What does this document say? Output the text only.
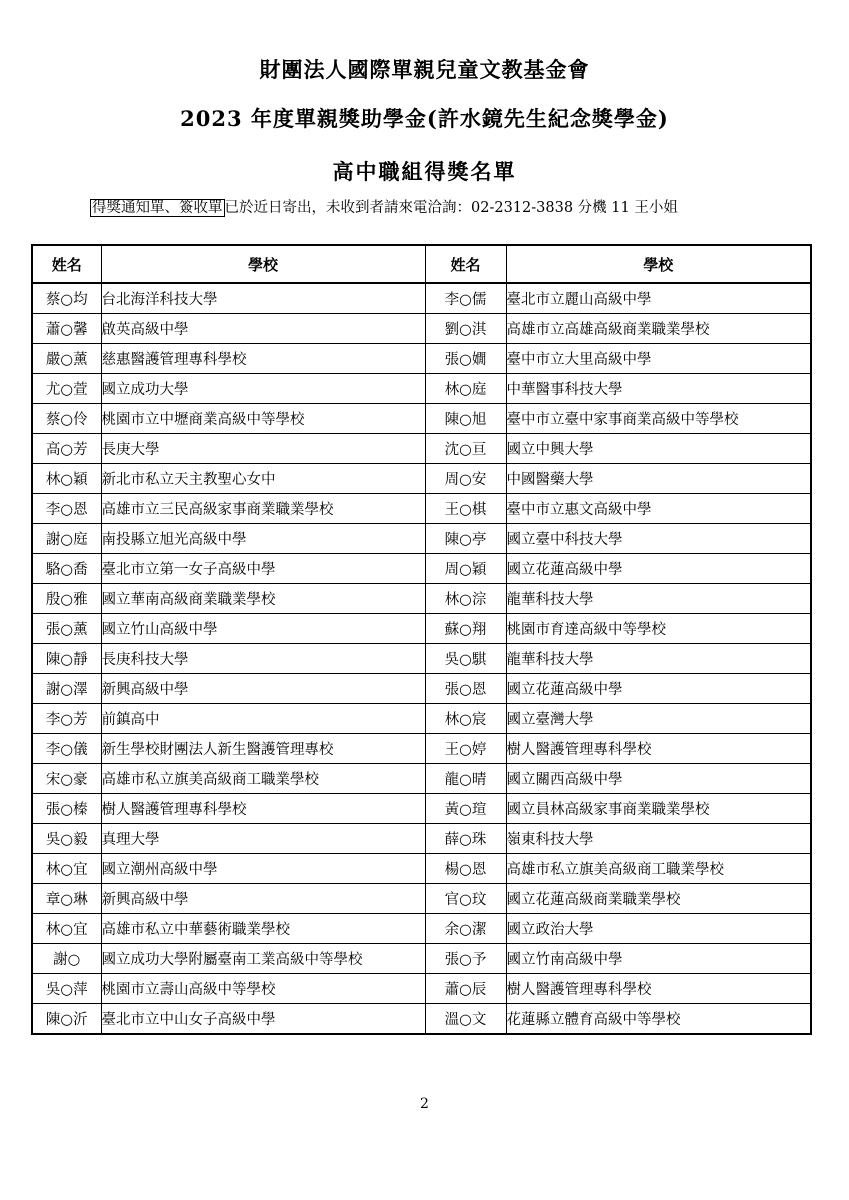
財團法人國際單親兒童文教基金會
2023 年度單親獎助學金(許水鏡先生紀念獎學金)
高中職組得獎名單
得獎通知單、簽收單 已於近日寄出，未收到者請來電洽詢：02-2312-3838 分機 11 王小姐
姓名	學校	姓名	學校
蔡○均	台北海洋科技大學	李○儒	臺北市立麗山高級中學
蕭○馨	啟英高級中學	劉○淇	高雄市立高雄高級商業職業學校
嚴○薰	慈惠醫護管理專科學校	張○嫺	臺中市立大里高級中學
尤○萱	國立成功大學	林○庭	中華醫事科技大學
蔡○伶	桃園市立中壢商業高級中等學校	陳○旭	臺中市立臺中家事商業高級中等學校
高○芳	長庚大學	沈○亘	國立中興大學
林○穎	新北市私立天主教聖心女中	周○安	中國醫藥大學
李○恩	高雄市立三民高級家事商業職業學校	王○棋	臺中市立惠文高級中學
謝○庭	南投縣立旭光高級中學	陳○亭	國立臺中科技大學
駱○喬	臺北市立第一女子高級中學	周○穎	國立花蓮高級中學
殷○雅	國立華南高級商業職業學校	林○淙	龍華科技大學
張○薰	國立竹山高級中學	蘇○翔	桃園市育達高級中等學校
陳○靜	長庚科技大學	吳○騏	龍華科技大學
謝○澤	新興高級中學	張○恩	國立花蓮高級中學
李○芳	前鎮高中	林○宸	國立臺灣大學
李○儀	新生學校財團法人新生醫護管理專校	王○婷	樹人醫護管理專科學校
宋○豪	高雄市私立旗美高級商工職業學校	龍○晴	國立關西高級中學
張○榛	樹人醫護管理專科學校	黃○瑄	國立員林高級家事商業職業學校
吳○毅	真理大學	薛○珠	嶺東科技大學
林○宜	國立潮州高級中學	楊○恩	高雄市私立旗美高級商工職業學校
章○琳	新興高級中學	官○玟	國立花蓮高級商業職業學校
林○宜	高雄市私立中華藝術職業學校	余○潔	國立政治大學
謝○	國立成功大學附屬臺南工業高級中等學校	張○予	國立竹南高級中學
吳○萍	桃園市立壽山高級中等學校	蕭○辰	樹人醫護管理專科學校
陳○沂	臺北市立中山女子高級中學	溫○文	花蓮縣立體育高級中等學校
2
